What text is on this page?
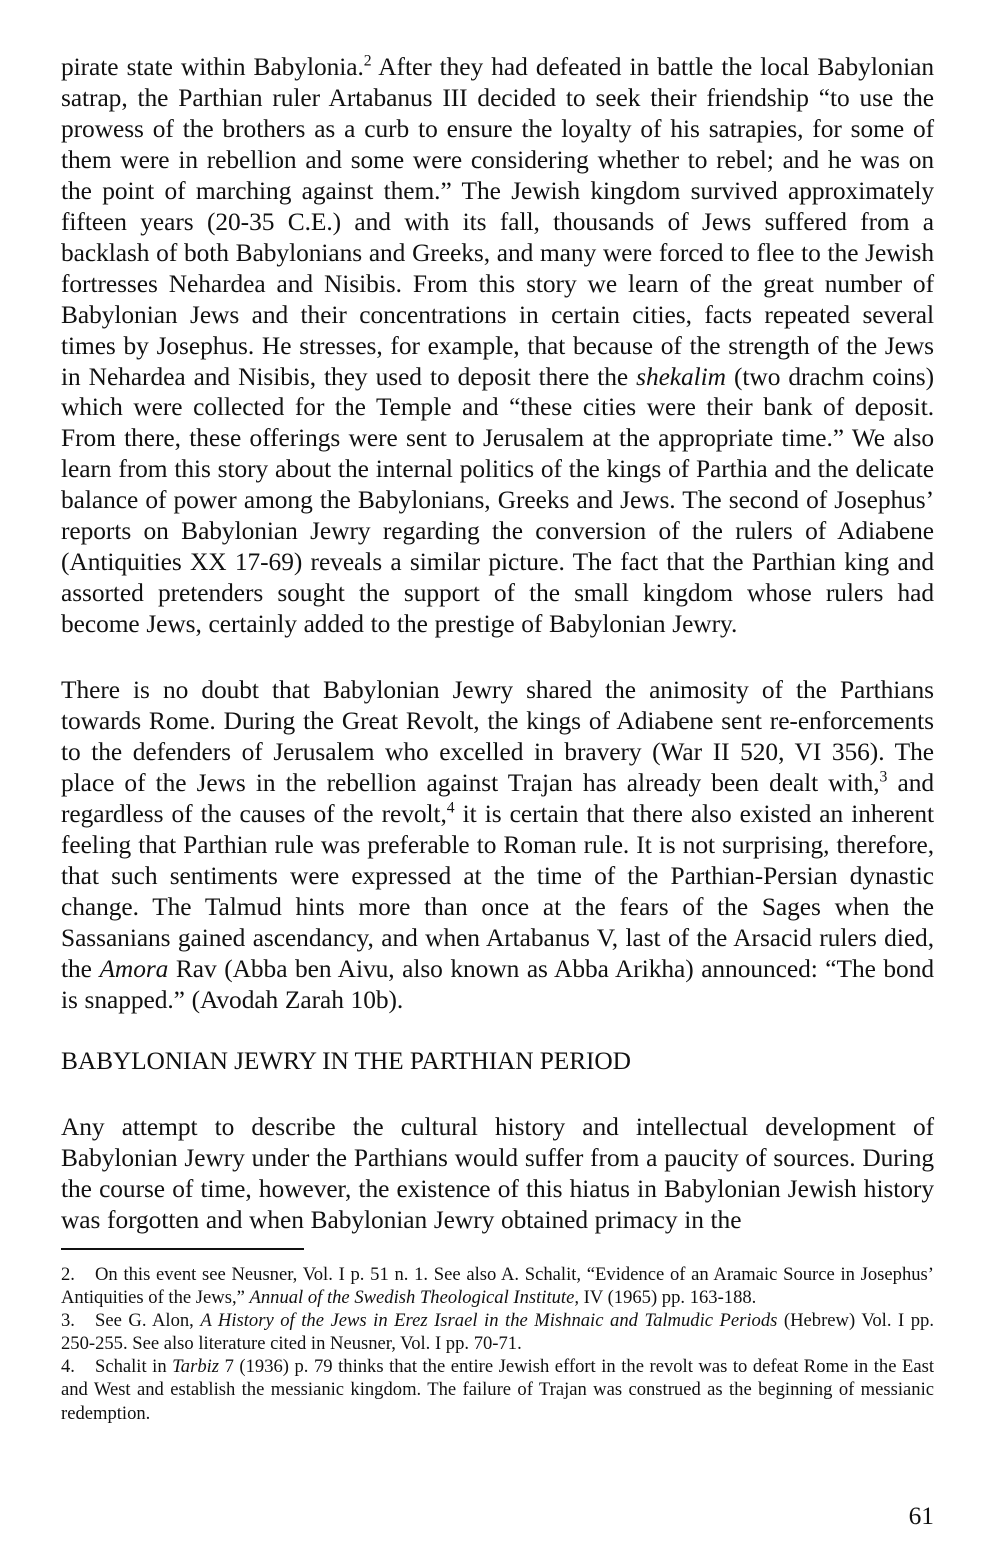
pirate state within Babylonia.$^2$ After they had defeated in battle the local Babylonian satrap, the Parthian ruler Artabanus III decided to seek their friendship “to use the prowess of the brothers as a curb to ensure the loyalty of his satrapies, for some of them were in rebellion and some were considering whether to rebel; and he was on the point of marching against them.” The Jewish kingdom survived approximately fifteen years (20-35 C.E.) and with its fall, thousands of Jews suffered from a backlash of both Babylonians and Greeks, and many were forced to flee to the Jewish fortresses Nehardea and Nisibis. From this story we learn of the great number of Babylonian Jews and their concentrations in certain cities, facts repeated several times by Josephus. He stresses, for example, that because of the strength of the Jews in Nehardea and Nisibis, they used to deposit there the shekalim (two drachm coins) which were collected for the Temple and “these cities were their bank of deposit. From there, these offerings were sent to Jerusalem at the appropriate time.” We also learn from this story about the internal politics of the kings of Parthia and the delicate balance of power among the Babylonians, Greeks and Jews. The second of Josephus’ reports on Babylonian Jewry regarding the conversion of the rulers of Adiabene (Antiquities XX 17-69) reveals a similar picture. The fact that the Parthian king and assorted pretenders sought the support of the small kingdom whose rulers had become Jews, certainly added to the prestige of Babylonian Jewry.

There is no doubt that Babylonian Jewry shared the animosity of the Parthians towards Rome. During the Great Revolt, the kings of Adiabene sent re-enforcements to the defenders of Jerusalem who excelled in bravery (War II 520, VI 356). The place of the Jews in the rebellion against Trajan has already been dealt with,$^3$ and regardless of the causes of the revolt,$^4$ it is certain that there also existed an inherent feeling that Parthian rule was preferable to Roman rule. It is not surprising, therefore, that such sentiments were expressed at the time of the Parthian-Persian dynastic change. The Talmud hints more than once at the fears of the Sages when the Sassanians gained ascendancy, and when Artabanus V, last of the Arsacid rulers died, the Amora Rav (Abba ben Aivu, also known as Abba Arikha) announced: “The bond is snapped.” (Avodah Zarah 10b).

BABYLONIAN JEWRY IN THE PARTHIAN PERIOD

Any attempt to describe the cultural history and intellectual development of Babylonian Jewry under the Parthians would suffer from a paucity of sources. During the course of time, however, the existence of this hiatus in Babylonian Jewish history was forgotten and when Babylonian Jewry obtained primacy in the

2. On this event see Neusner, Vol. I p. 51 n. 1. See also A. Schalit, “Evidence of an Aramaic Source in Josephus’ Antiquities of the Jews,” Annual of the Swedish Theological Institute, IV (1965) pp. 163-188.

3. See G. Alon, A History of the Jews in Erez Israel in the Mishnaic and Talmudic Periods (Hebrew) Vol. I pp. 250-255. See also literature cited in Neusner, Vol. I pp. 70-71.

4. Schalit in Tarbiz 7 (1936) p. 79 thinks that the entire Jewish effort in the revolt was to defeat Rome in the East and West and establish the messianic kingdom. The failure of Trajan was construed as the beginning of messianic redemption.

61
